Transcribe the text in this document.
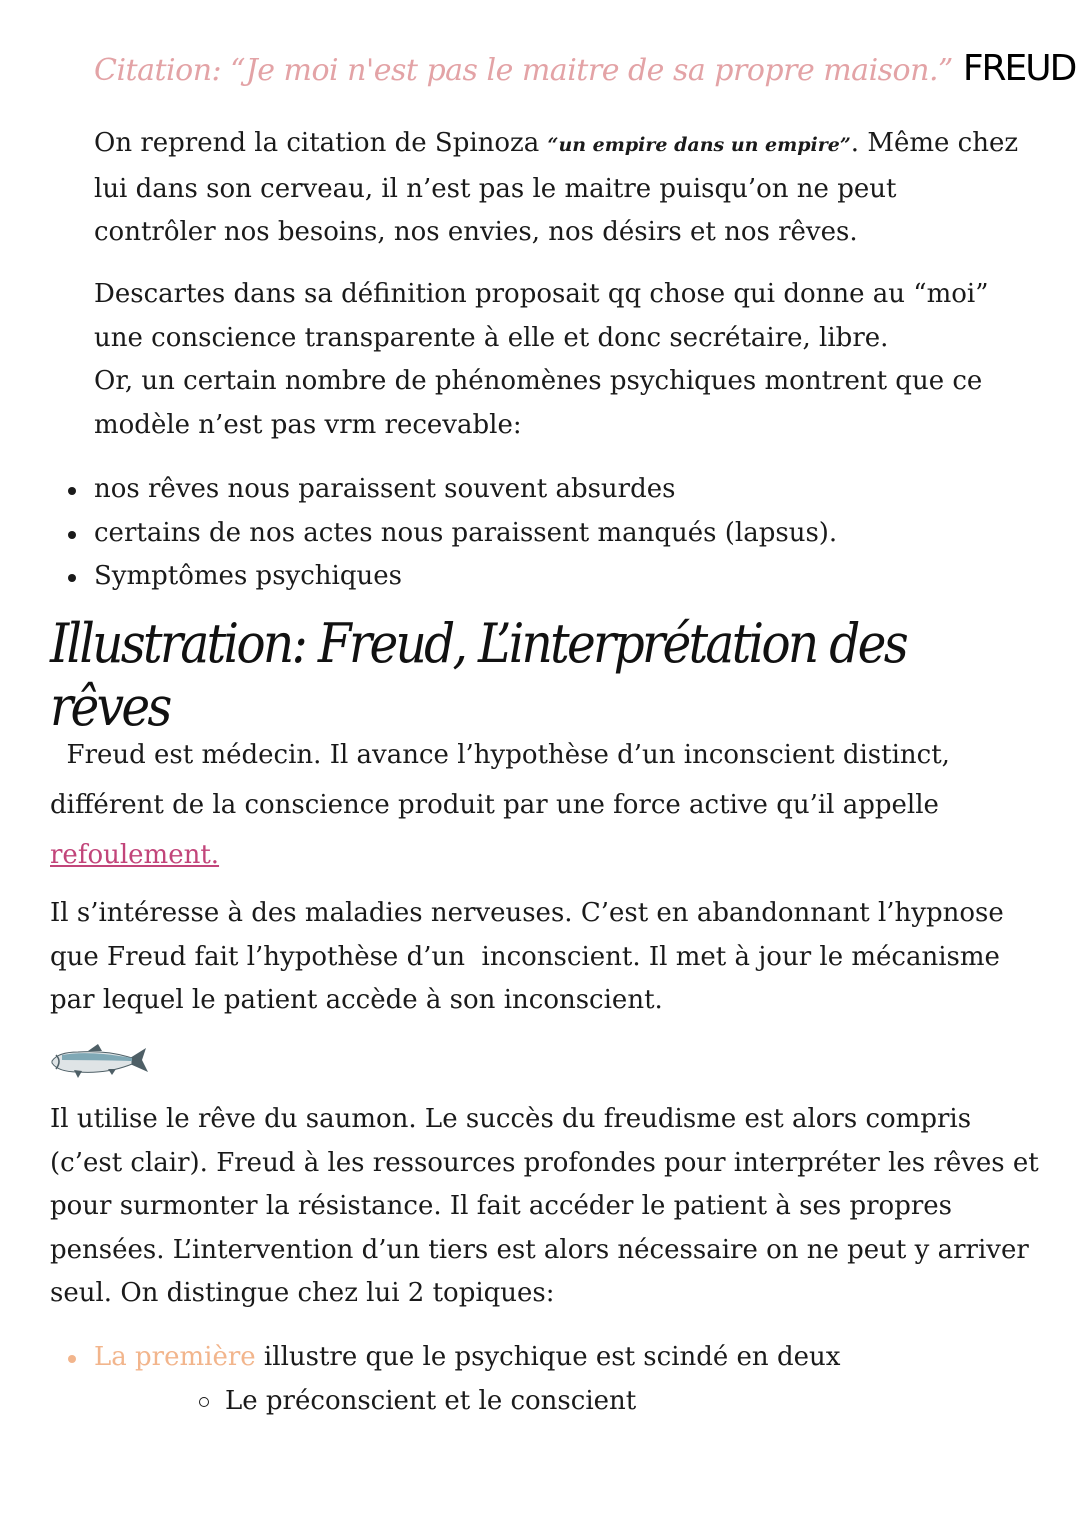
Citation: “Je moi n'est pas le maitre de sa propre maison.” FREUD

On reprend la citation de Spinoza “un empire dans un empire”. Même chez lui dans son cerveau, il n’est pas le maitre puisqu’on ne peut contrôler nos besoins, nos envies, nos désirs et nos rêves.

Descartes dans sa définition proposait qq chose qui donne au “moi” une conscience transparente à elle et donc secrétaire, libre.

Or, un certain nombre de phénomènes psychiques montrent que ce modèle n’est pas vrm recevable:

nos rêves nous paraissent souvent absurdes
certains de nos actes nous paraissent manqués (lapsus).
Symptômes psychiques
Illustration: Freud, L’interprétation des rêves

Freud est médecin. Il avance l’hypothèse d’un inconscient distinct, différent de la conscience produit par une force active qu’il appelle refoulement.

Il s’intéresse à des maladies nerveuses. C’est en abandonnant l’hypnose que Freud fait l’hypothèse d’un  inconscient. Il met à jour le mécanisme par lequel le patient accède à son inconscient.

Il utilise le rêve du saumon. Le succès du freudisme est alors compris (c’est clair). Freud à les ressources profondes pour interpréter les rêves et pour surmonter la résistance. Il fait accéder le patient à ses propres pensées. L’intervention d’un tiers est alors nécessaire on ne peut y arriver seul. On distingue chez lui 2 topiques:

La première illustre que le psychique est scindé en deux
Le préconscient et le conscient
